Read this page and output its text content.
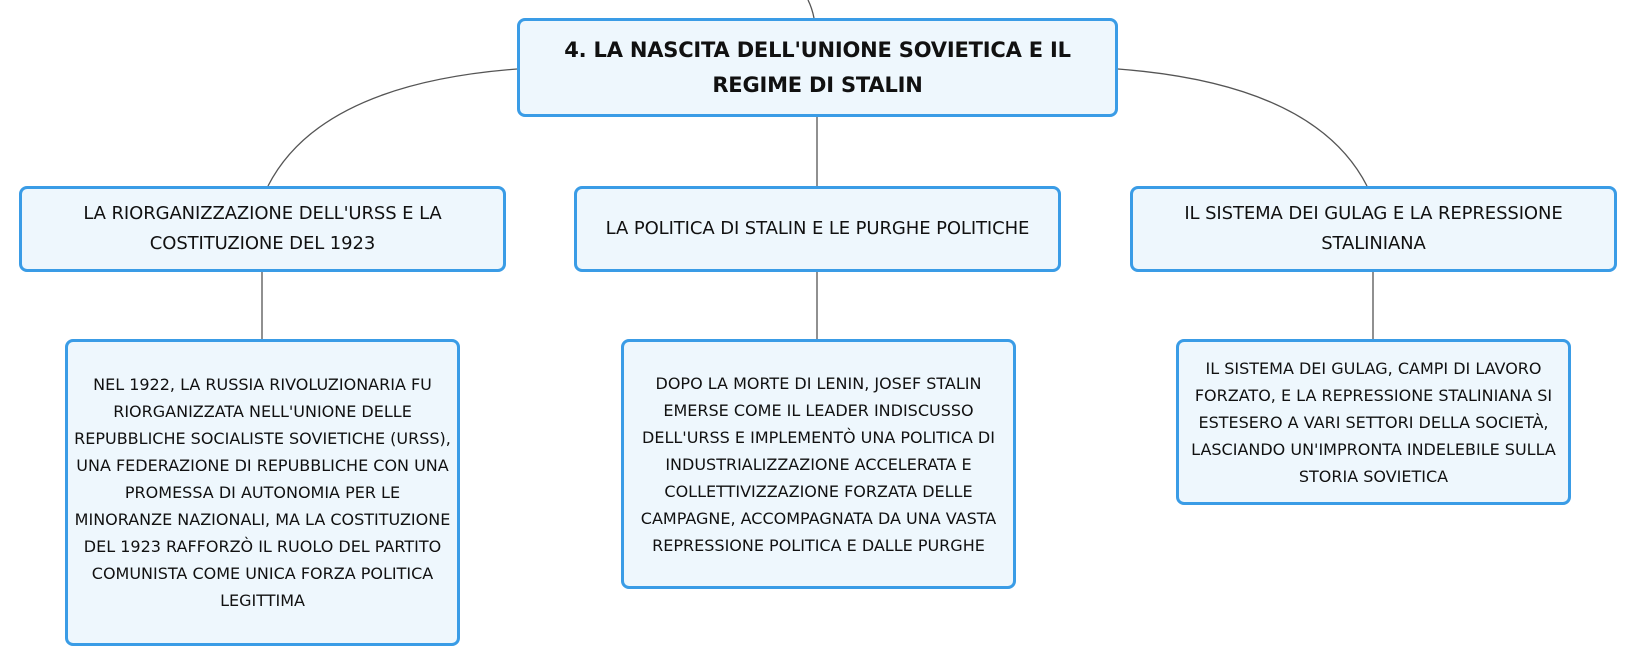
4. LA NASCITA DELL'UNIONE SOVIETICA E IL REGIME DI STALIN
LA RIORGANIZZAZIONE DELL'URSS E LA COSTITUZIONE DEL 1923
LA POLITICA DI STALIN E LE PURGHE POLITICHE
IL SISTEMA DEI GULAG E LA REPRESSIONE STALINIANA
NEL 1922, LA RUSSIA RIVOLUZIONARIA FU RIORGANIZZATA NELL'UNIONE DELLE REPUBBLICHE SOCIALISTE SOVIETICHE (URSS), UNA FEDERAZIONE DI REPUBBLICHE CON UNA PROMESSA DI AUTONOMIA PER LE MINORANZE NAZIONALI, MA LA COSTITUZIONE DEL 1923 RAFFORZÒ IL RUOLO DEL PARTITO COMUNISTA COME UNICA FORZA POLITICA LEGITTIMA
DOPO LA MORTE DI LENIN, JOSEF STALIN EMERSE COME IL LEADER INDISCUSSO DELL'URSS E IMPLEMENTÒ UNA POLITICA DI INDUSTRIALIZZAZIONE ACCELERATA E COLLETTIVIZZAZIONE FORZATA DELLE CAMPAGNE, ACCOMPAGNATA DA UNA VASTA REPRESSIONE POLITICA E DALLE PURGHE
IL SISTEMA DEI GULAG, CAMPI DI LAVORO FORZATO, E LA REPRESSIONE STALINIANA SI ESTESERO A VARI SETTORI DELLA SOCIETÀ, LASCIANDO UN'IMPRONTA INDELEBILE SULLA STORIA SOVIETICA
